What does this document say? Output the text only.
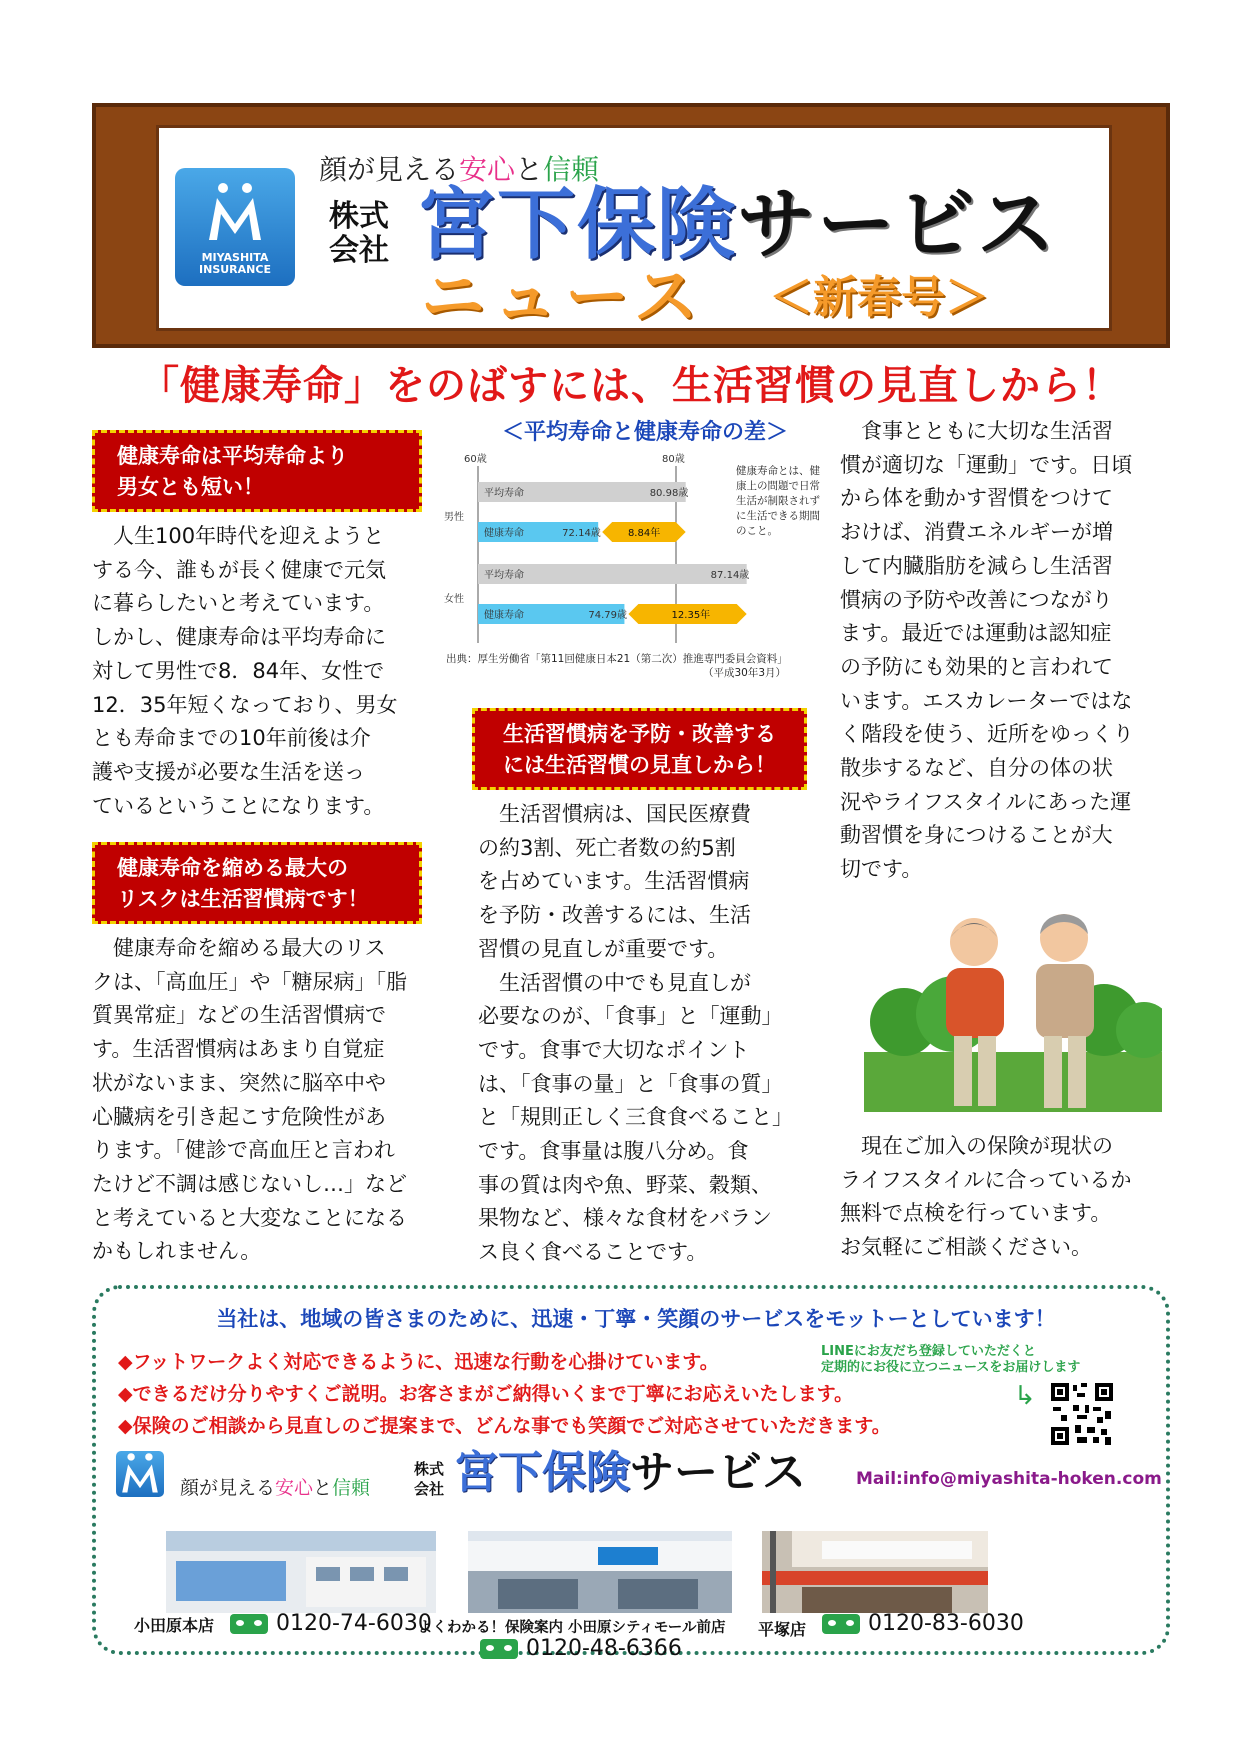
MIYASHITA INSURANCE
顔が見える安心と信頼
株式会社 宮下保険サービス
ニュース ＜新春号＞
「健康寿命」をのばすには、生活習慣の見直しから！
健康寿命は平均寿命より
男女とも短い！
人生100年時代を迎えようと
する今、誰もが長く健康で元気
に暮らしたいと考えています。
しかし、健康寿命は平均寿命に
対して男性で8．84年、女性で
12．35年短くなっており、男女
とも寿命までの10年前後は介
護や支援が必要な生活を送っ
ているということになります。
健康寿命を縮める最大の
リスクは生活習慣病です！
健康寿命を縮める最大のリス
クは、「高血圧」や「糖尿病」「脂
質異常症」などの生活習慣病で
す。生活習慣病はあまり自覚症
状がないまま、突然に脳卒中や
心臓病を引き起こす危険性があ
ります。「健診で高血圧と言われ
たけど不調は感じないし…」など
と考えていると大変なことになる
かもしれません。
＜平均寿命と健康寿命の差＞
60歳	80歳
男性
平均寿命	80.98歳
健康寿命	72.14歳	8.84年
女性
平均寿命	87.14歳
健康寿命	74.79歳	12.35年
健康寿命とは、健康上の問題で日常生活が制限されずに生活できる期間のこと。
出典：厚生労働省「第11回健康日本21（第二次）推進専門委員会資料」
（平成30年3月）
生活習慣病を予防・改善する
には生活習慣の見直しから！
生活習慣病は、国民医療費
の約3割、死亡者数の約5割
を占めています。生活習慣病
を予防・改善するには、生活
習慣の見直しが重要です。
生活習慣の中でも見直しが
必要なのが、「食事」と「運動」
です。食事で大切なポイント
は、「食事の量」と「食事の質」
と「規則正しく三食食べること」
です。食事量は腹八分め。食
事の質は肉や魚、野菜、穀類、
果物など、様々な食材をバラン
ス良く食べることです。
食事とともに大切な生活習
慣が適切な「運動」です。日頃
から体を動かす習慣をつけて
おけば、消費エネルギーが増
して内臓脂肪を減らし生活習
慣病の予防や改善につながり
ます。最近では運動は認知症
の予防にも効果的と言われて
います。エスカレーターではな
く階段を使う、近所をゆっくり
散歩するなど、自分の体の状
況やライフスタイルにあった運
動習慣を身につけることが大
切です。
現在ご加入の保険が現状の
ライフスタイルに合っているか
無料で点検を行っています。
お気軽にご相談ください。
当社は、地域の皆さまのために、迅速・丁寧・笑顔のサービスをモットーとしています！
◆フットワークよく対応できるように、迅速な行動を心掛けています。
◆できるだけ分りやすくご説明。お客さまがご納得いくまで丁寧にお応えいたします。
◆保険のご相談から見直しのご提案まで、どんな事でも笑顔でご対応させていただきます。
LINEにお友だち登録していただくと
定期的にお役に立つニュースをお届けします
↳
顔が見える安心と信頼
株式会社 宮下保険サービス	Mail:info@miyashita-hoken.com
小田原本店	0120-74-6030
よくわかる！保険案内 小田原シティモール前店
0120-48-6366
平塚店	0120-83-6030
